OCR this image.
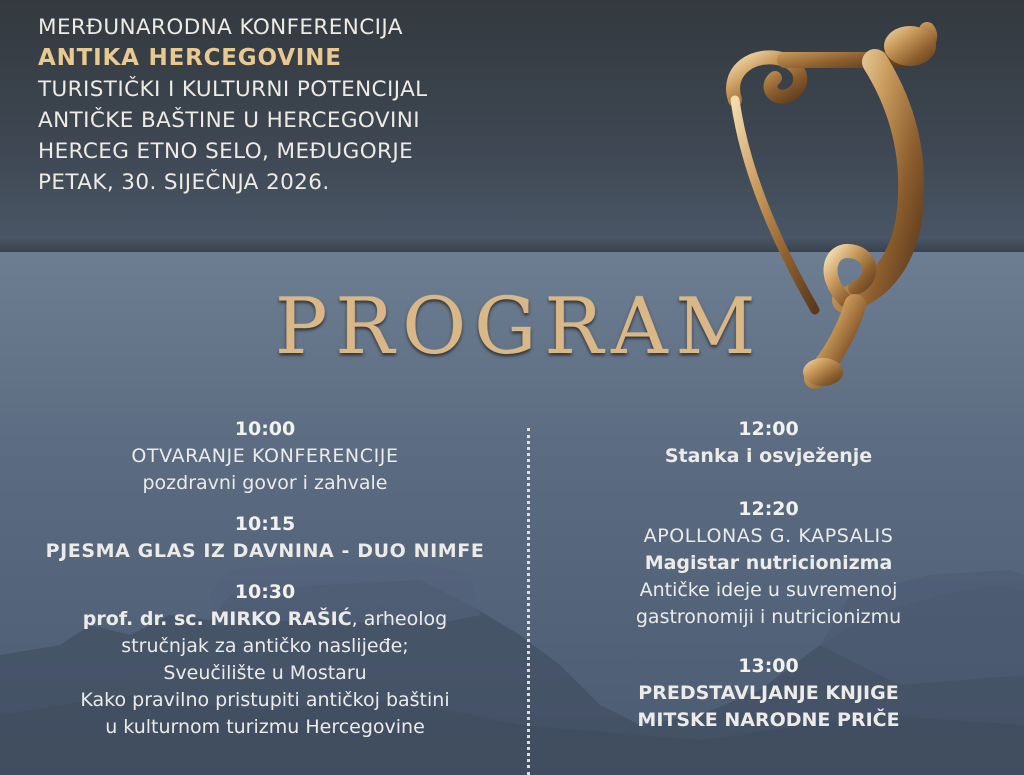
MERĐUNARODNA KONFERENCIJA
ANTIKA HERCEGOVINE
TURISTIČKI I KULTURNI POTENCIJAL
ANTIČKE BAŠTINE U HERCEGOVINI
HERCEG ETNO SELO, MEĐUGORJE
PETAK, 30. SIJEČNJA 2026.
PROGRAM
10:00
OTVARANJE KONFERENCIJE
pozdravni govor i zahvale
10:15
PJESMA GLAS IZ DAVNINA - DUO NIMFE
10:30
prof. dr. sc. MIRKO RAŠIĆ, arheolog
stručnjak za antičko naslijeđe;
Sveučilište u Mostaru
Kako pravilno pristupiti antičkoj baštini
u kulturnom turizmu Hercegovine
12:00
Stanka i osvježenje
12:20
APOLLONAS G. KAPSALIS
Magistar nutricionizma
Antičke ideje u suvremenoj
gastronomiji i nutricionizmu
13:00
PREDSTAVLJANJE KNJIGE
MITSKE NARODNE PRIČE
